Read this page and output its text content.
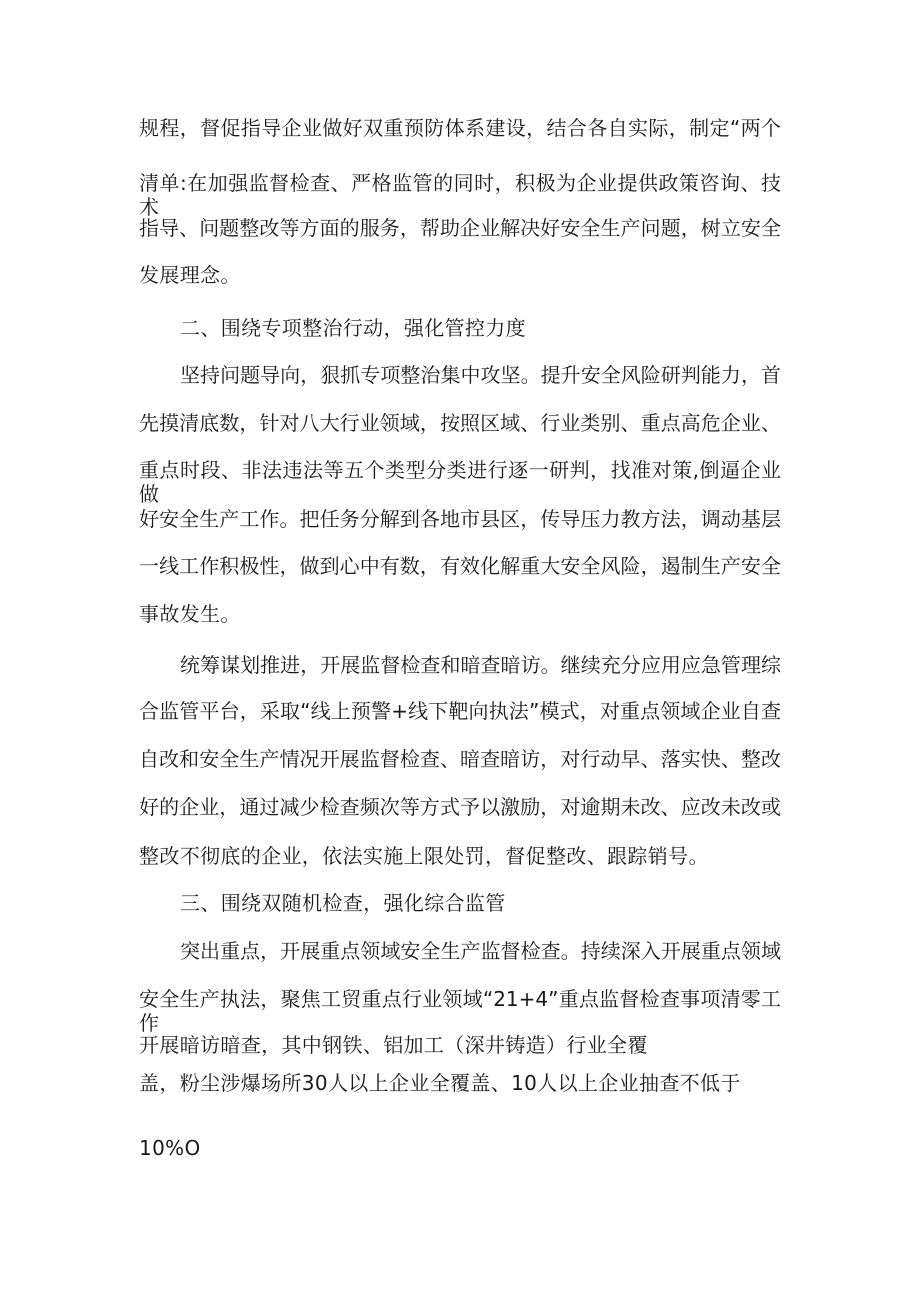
规程，督促指导企业做好双重预防体系建设，结合各自实际，制定“两个
清单:在加强监督检查、严格监管的同时，积极为企业提供政策咨询、技术
指导、问题整改等方面的服务，帮助企业解决好安全生产问题，树立安全
发展理念。
二、围绕专项整治行动，强化管控力度
坚持问题导向，狠抓专项整治集中攻坚。提升安全风险研判能力，首
先摸清底数，针对八大行业领域，按照区域、行业类别、重点高危企业、
重点时段、非法违法等五个类型分类进行逐一研判，找准对策,倒逼企业做
好安全生产工作。把任务分解到各地市县区，传导压力教方法，调动基层
一线工作积极性，做到心中有数，有效化解重大安全风险，遏制生产安全
事故发生。
统筹谋划推进，开展监督检查和暗查暗访。继续充分应用应急管理综
合监管平台，采取“线上预警+线下靶向执法”模式，对重点领域企业自查
自改和安全生产情况开展监督检查、暗查暗访，对行动早、落实快、整改
好的企业，通过减少检查频次等方式予以激励，对逾期未改、应改未改或
整改不彻底的企业，依法实施上限处罚，督促整改、跟踪销号。
三、围绕双随机检查，强化综合监管
突出重点，开展重点领域安全生产监督检查。持续深入开展重点领域
安全生产执法，聚焦工贸重点行业领域“21+4”重点监督检查事项清零工作
开展暗访暗查，其中钢铁、铝加工（深井铸造）行业全覆
盖，粉尘涉爆场所30人以上企业全覆盖、10人以上企业抽查不低于
10%O
